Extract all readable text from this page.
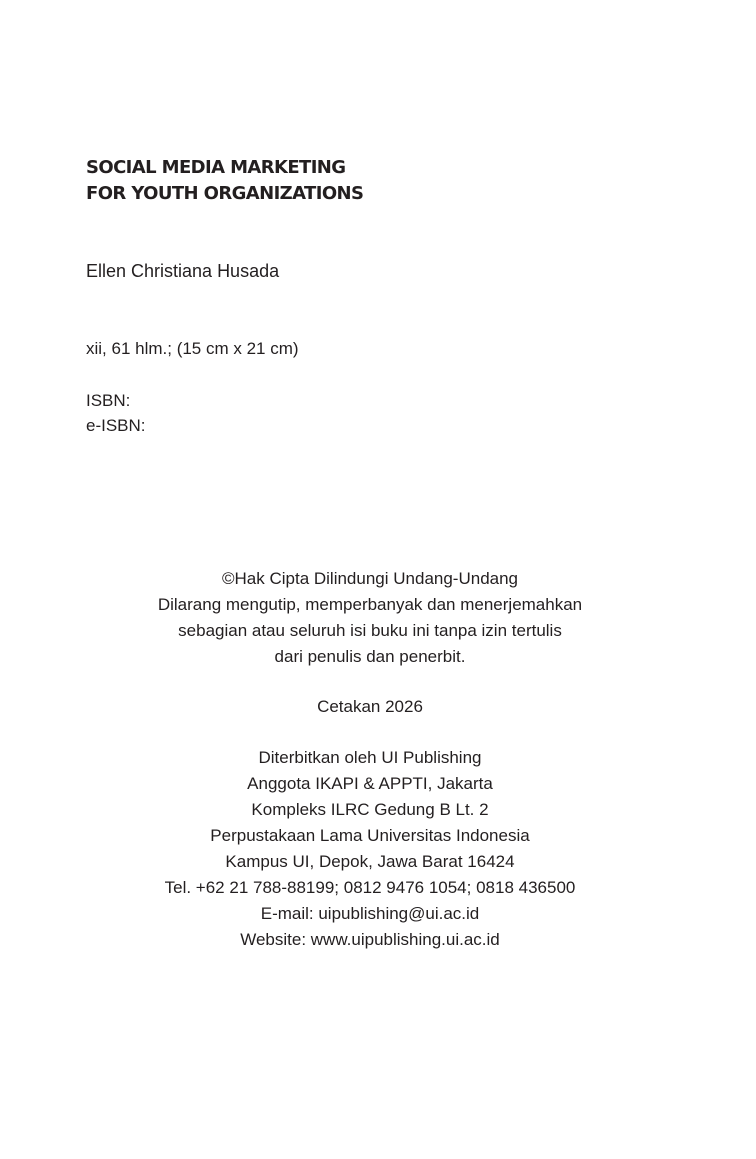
SOCIAL MEDIA MARKETING
FOR YOUTH ORGANIZATIONS
Ellen Christiana Husada
xii, 61 hlm.; (15 cm x 21 cm)
ISBN:
e-ISBN:
©Hak Cipta Dilindungi Undang-Undang
Dilarang mengutip, memperbanyak dan menerjemahkan
sebagian atau seluruh isi buku ini tanpa izin tertulis
dari penulis dan penerbit.
Cetakan 2026
Diterbitkan oleh UI Publishing
Anggota IKAPI & APPTI, Jakarta
Kompleks ILRC Gedung B Lt. 2
Perpustakaan Lama Universitas Indonesia
Kampus UI, Depok, Jawa Barat 16424
Tel. +62 21 788-88199; 0812 9476 1054; 0818 436500
E-mail: uipublishing@ui.ac.id
Website: www.uipublishing.ui.ac.id
